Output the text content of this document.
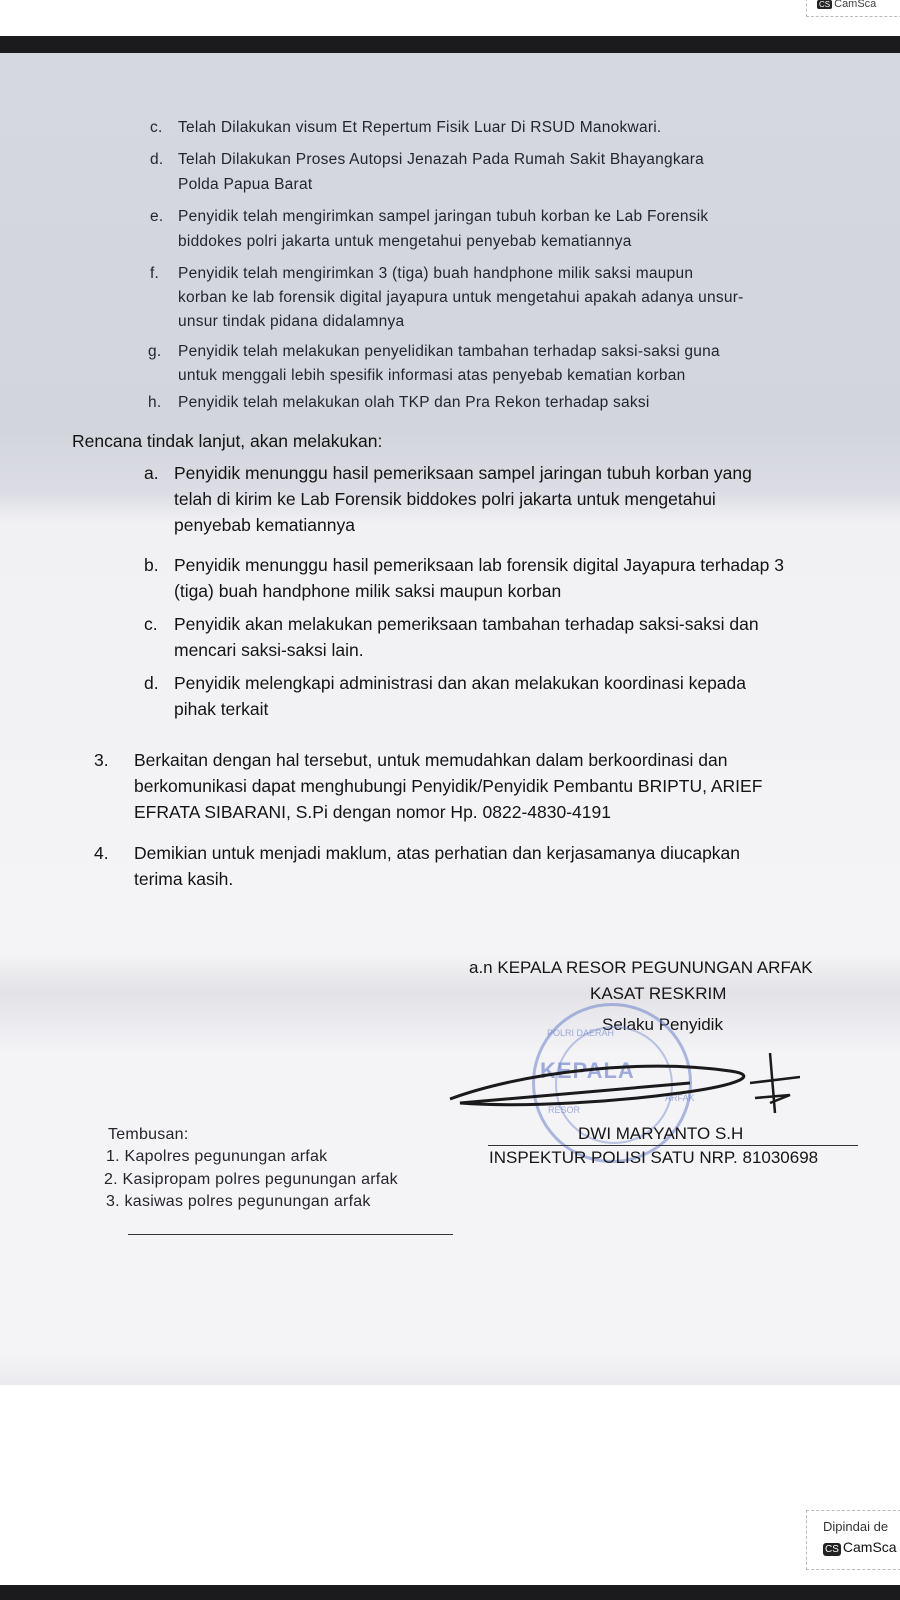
CS CamSca
c. Telah Dilakukan visum Et Repertum Fisik Luar Di RSUD Manokwari.
d. Telah Dilakukan Proses Autopsi Jenazah Pada Rumah Sakit Bhayangkara
Polda Papua Barat
e. Penyidik telah mengirimkan sampel jaringan tubuh korban ke Lab Forensik
biddokes polri jakarta untuk mengetahui penyebab kematiannya
f. Penyidik telah mengirimkan 3 (tiga) buah handphone milik saksi maupun
korban ke lab forensik digital jayapura untuk mengetahui apakah adanya unsur-
unsur tindak pidana didalamnya
g. Penyidik telah melakukan penyelidikan tambahan terhadap saksi-saksi guna
untuk menggali lebih spesifik informasi atas penyebab kematian korban
h. Penyidik telah melakukan olah TKP dan Pra Rekon terhadap saksi
Rencana tindak lanjut, akan melakukan:
a. Penyidik menunggu hasil pemeriksaan sampel jaringan tubuh korban yang
telah di kirim ke Lab Forensik biddokes polri jakarta untuk mengetahui
penyebab kematiannya
b. Penyidik menunggu hasil pemeriksaan lab forensik digital Jayapura terhadap 3
(tiga) buah handphone milik saksi maupun korban
c. Penyidik akan melakukan pemeriksaan tambahan terhadap saksi-saksi dan
mencari saksi-saksi lain.
d. Penyidik melengkapi administrasi dan akan melakukan koordinasi kepada
pihak terkait
3. Berkaitan dengan hal tersebut, untuk memudahkan dalam berkoordinasi dan
berkomunikasi dapat menghubungi Penyidik/Penyidik Pembantu BRIPTU, ARIEF
EFRATA SIBARANI, S.Pi dengan nomor Hp. 0822-4830-4191
4. Demikian untuk menjadi maklum, atas perhatian dan kerjasamanya diucapkan
terima kasih.
a.n KEPALA RESOR PEGUNUNGAN ARFAK
KASAT RESKRIM
Selaku Penyidik
KEPALA
POLRI DAERAH
RESOR
ARFAK
DWI MARYANTO S.H
INSPEKTUR POLISI SATU NRP. 81030698
Tembusan:
1. Kapolres pegunungan arfak
2. Kasipropam polres pegunungan arfak
3. kasiwas polres pegunungan arfak
Dipindai de
CS CamSca
